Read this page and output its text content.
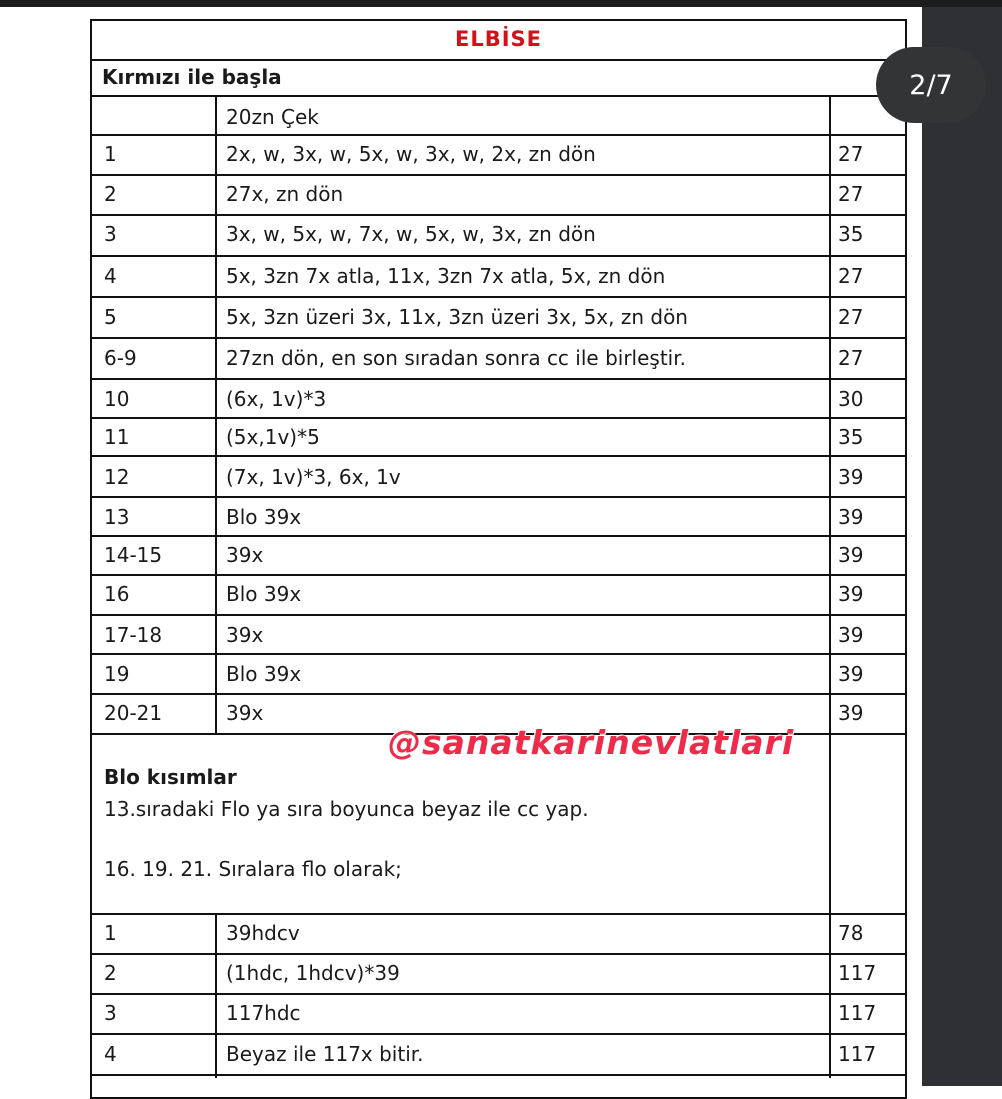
ELBİSE
Kırmızı ile başla
20zn Çek
1	2x, w, 3x, w, 5x, w, 3x, w, 2x, zn dön	27
2	27x, zn dön	27
3	3x, w, 5x, w, 7x, w, 5x, w, 3x, zn dön	35
4	5x, 3zn 7x atla, 11x, 3zn 7x atla, 5x, zn dön	27
5	5x, 3zn üzeri 3x, 11x, 3zn üzeri 3x, 5x, zn dön	27
6-9	27zn dön, en son sıradan sonra cc ile birleştir.	27
10	(6x, 1v)*3	30
11	(5x,1v)*5	35
12	(7x, 1v)*3, 6x, 1v	39
13	Blo 39x	39
14-15	39x	39
16	Blo 39x	39
17-18	39x	39
19	Blo 39x	39
20-21	39x	39
Blo kısımlar
13.sıradaki Flo ya sıra boyunca beyaz ile cc yap.
16. 19. 21. Sıralara flo olarak;
1	39hdcv	78
2	(1hdc, 1hdcv)*39	117
3	117hdc	117
4	Beyaz ile 117x bitir.	117
@sanatkarinevlatlari
2/7
